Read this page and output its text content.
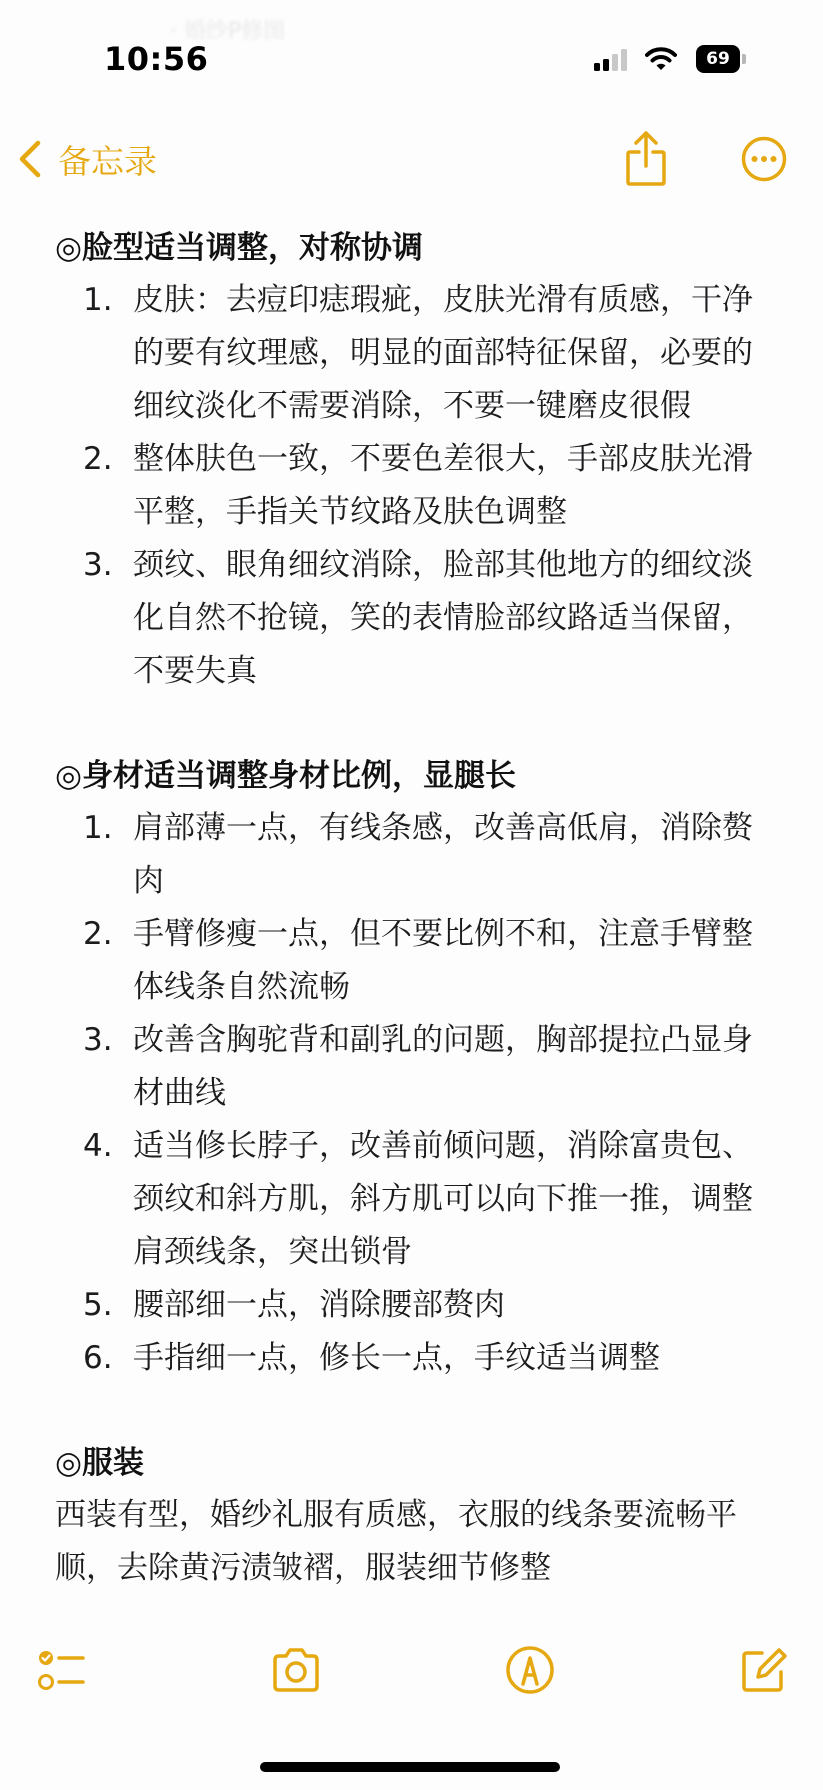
· 婚纱P修图
10:56	69
备忘录
◎脸型适当调整，对称协调
1. 皮肤：去痘印痣瑕疵，皮肤光滑有质感，干净的要有纹理感，明显的面部特征保留，必要的细纹淡化不需要消除，不要一键磨皮很假
2. 整体肤色一致，不要色差很大，手部皮肤光滑平整，手指关节纹路及肤色调整
3. 颈纹、眼角细纹消除，脸部其他地方的细纹淡化自然不抢镜，笑的表情脸部纹路适当保留，不要失真
◎身材适当调整身材比例，显腿长
1. 肩部薄一点，有线条感，改善高低肩，消除赘肉
2. 手臂修瘦一点，但不要比例不和，注意手臂整体线条自然流畅
3. 改善含胸驼背和副乳的问题，胸部提拉凸显身材曲线
4. 适当修长脖子，改善前倾问题，消除富贵包、颈纹和斜方肌，斜方肌可以向下推一推，调整肩颈线条，突出锁骨
5. 腰部细一点，消除腰部赘肉
6. 手指细一点，修长一点，手纹适当调整
◎服装
西装有型，婚纱礼服有质感，衣服的线条要流畅平顺，去除黄污渍皱褶，服装细节修整
